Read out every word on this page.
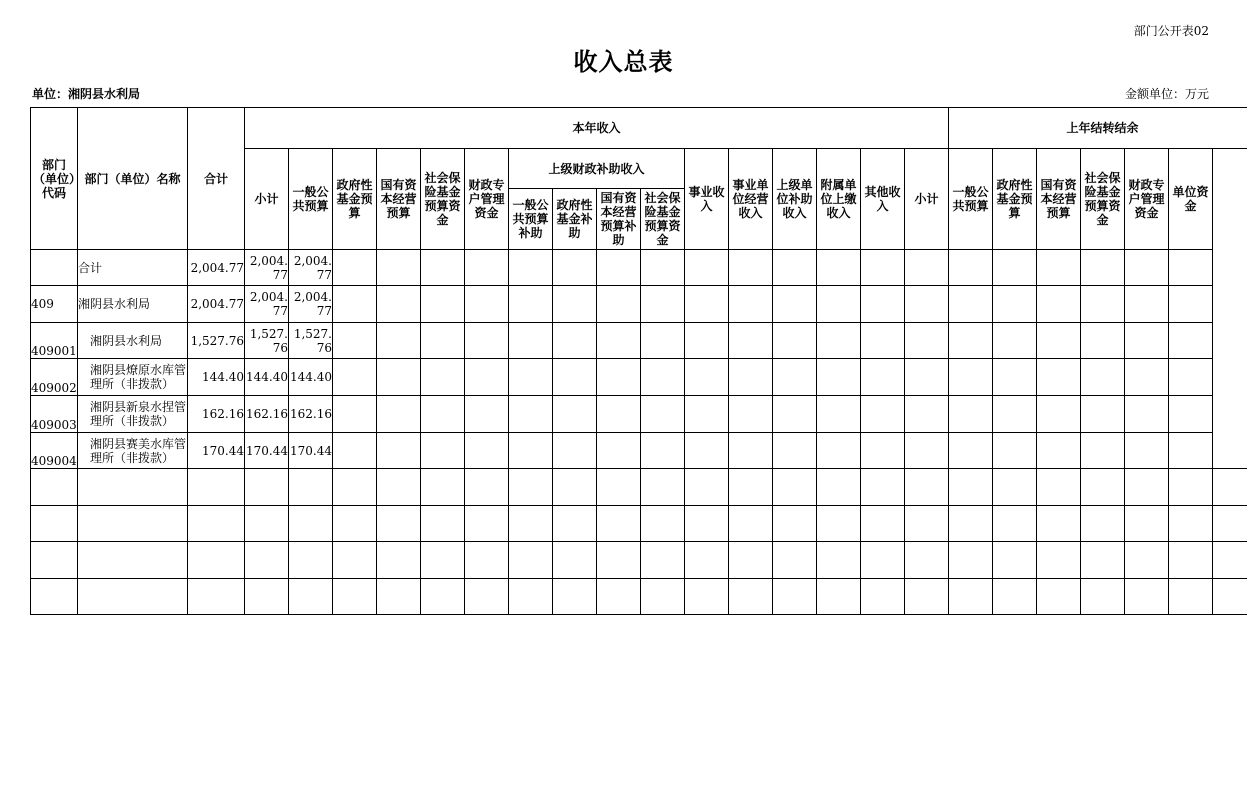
部门公开表02
收入总表
单位：湘阴县水利局	金额单位：万元
部门（单位）代码	部门（单位）名称	合计	本年收入																上年结转结余						
			小计	一般公共预算	政府性基金预算	国有资本经营预算	社会保险基金预算资金	财政专户管理资金	上级财政补助收入				事业收入	事业单位经营收入	上级单位补助收入	附属单位上缴收入	其他收入	小计	一般公共预算	政府性基金预算	国有资本经营预算	社会保险基金预算资金	财政专户管理资金	单位资金	
									一般公共预算补助	政府性基金补助	国有资本经营预算补助	社会保险基金预算资金													
	合计	2,004.77	2,004.77	2,004.77																					
409	湘阴县水利局	2,004.77	2,004.77	2,004.77																					
409001	湘阴县水利局	1,527.76	1,527.76	1,527.76																					
409002	湘阴县燎原水库管理所（非拨款）	144.40	144.40	144.40																					
409003	湘阴县新泉水捏管理所（非拨款）	162.16	162.16	162.16																					
409004	湘阴县赛美水库管理所（非拨款）	170.44	170.44	170.44																					
